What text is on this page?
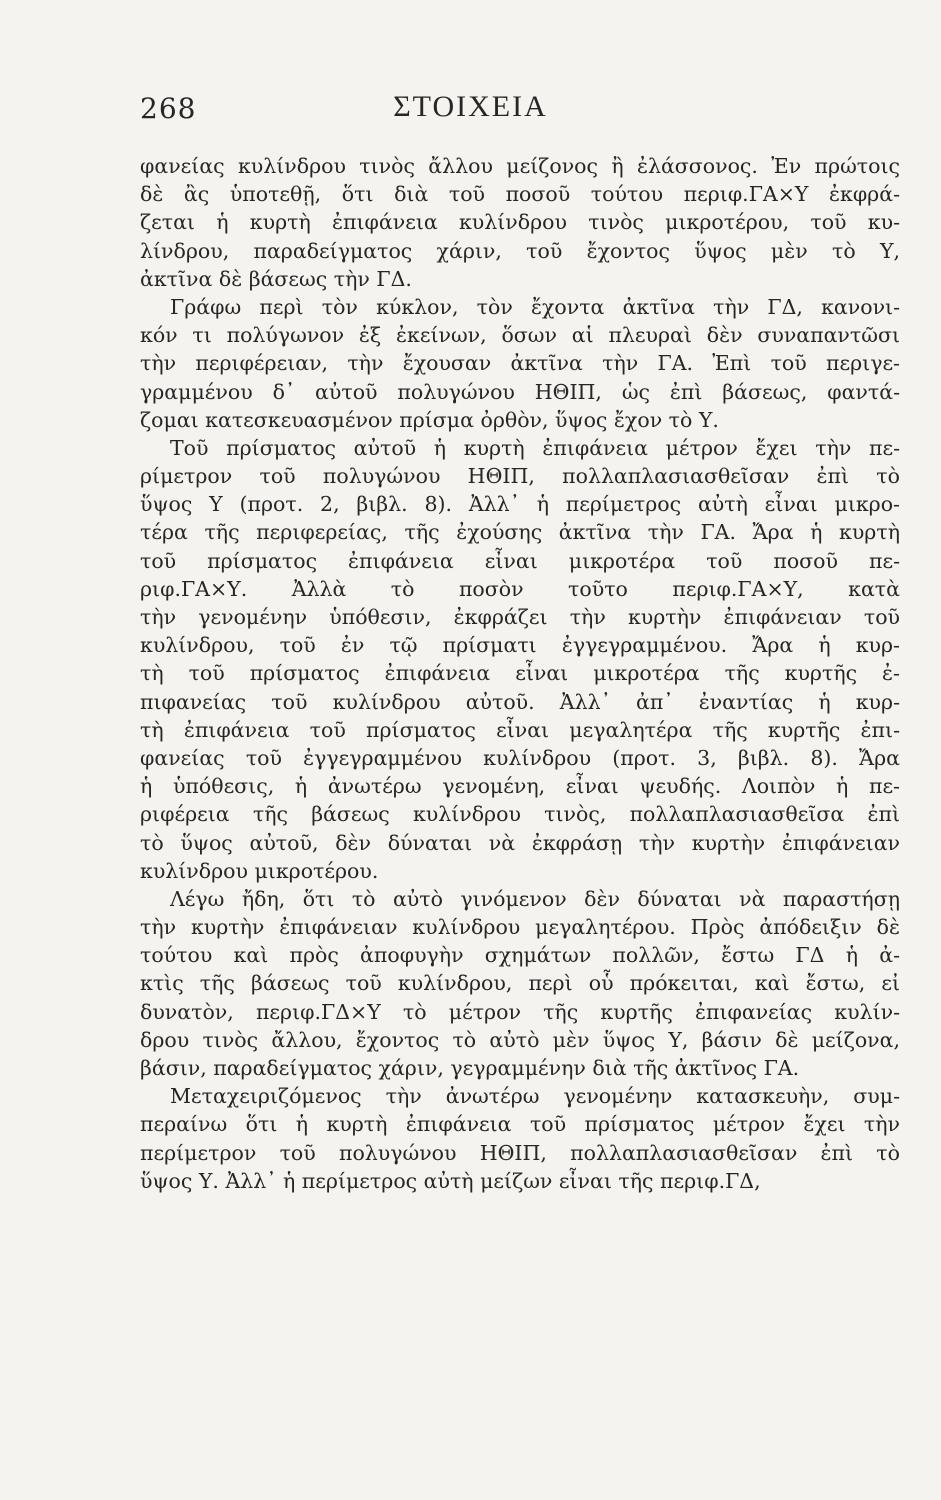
268	ΣΤΟΙΧΕΙΑ
φανείας κυλίνδρου τινὸς ἄλλου μείζονος ἢ ἐλάσσονος. Ἐν πρώτοις
δὲ ἂς ὑποτεθῇ, ὅτι διὰ τοῦ ποσοῦ τούτου περιφ.ΓΑ×Υ ἐκφρά-
ζεται ἡ κυρτὴ ἐπιφάνεια κυλίνδρου τινὸς μικροτέρου, τοῦ κυ-
λίνδρου, παραδείγματος χάριν, τοῦ ἔχοντος ὕψος μὲν τὸ Υ,
ἀκτῖνα δὲ βάσεως τὴν ΓΔ.
Γράφω περὶ τὸν κύκλον, τὸν ἔχοντα ἀκτῖνα τὴν ΓΔ, κανονι-
κόν τι πολύγωνον ἐξ ἐκείνων, ὅσων αἱ πλευραὶ δὲν συναπαντῶσι
τὴν περιφέρειαν, τὴν ἔχουσαν ἀκτῖνα τὴν ΓΑ. Ἐπὶ τοῦ περιγε-
γραμμένου δ᾽ αὐτοῦ πολυγώνου ΗΘΙΠ, ὡς ἐπὶ βάσεως, φαντά-
ζομαι κατεσκευασμένον πρίσμα ὀρθὸν, ὕψος ἔχον τὸ Υ.
Τοῦ πρίσματος αὐτοῦ ἡ κυρτὴ ἐπιφάνεια μέτρον ἔχει τὴν πε-
ρίμετρον τοῦ πολυγώνου ΗΘΙΠ, πολλαπλασιασθεῖσαν ἐπὶ τὸ
ὕψος Υ (προτ. 2, βιβλ. 8). Ἀλλ᾽ ἡ περίμετρος αὐτὴ εἶναι μικρο-
τέρα τῆς περιφερείας, τῆς ἐχούσης ἀκτῖνα τὴν ΓΑ. Ἄρα ἡ κυρτὴ
τοῦ πρίσματος ἐπιφάνεια εἶναι μικροτέρα τοῦ ποσοῦ πε-
ριφ.ΓΑ×Υ. Ἀλλὰ τὸ ποσὸν τοῦτο περιφ.ΓΑ×Υ, κατὰ
τὴν γενομένην ὑπόθεσιν, ἐκφράζει τὴν κυρτὴν ἐπιφάνειαν τοῦ
κυλίνδρου, τοῦ ἐν τῷ πρίσματι ἐγγεγραμμένου. Ἄρα ἡ κυρ-
τὴ τοῦ πρίσματος ἐπιφάνεια εἶναι μικροτέρα τῆς κυρτῆς ἐ-
πιφανείας τοῦ κυλίνδρου αὐτοῦ. Ἀλλ᾽ ἀπ᾽ ἐναντίας ἡ κυρ-
τὴ ἐπιφάνεια τοῦ πρίσματος εἶναι μεγαλητέρα τῆς κυρτῆς ἐπι-
φανείας τοῦ ἐγγεγραμμένου κυλίνδρου (προτ. 3, βιβλ. 8). Ἄρα
ἡ ὑπόθεσις, ἡ ἀνωτέρω γενομένη, εἶναι ψευδής. Λοιπὸν ἡ πε-
ριφέρεια τῆς βάσεως κυλίνδρου τινὸς, πολλαπλασιασθεῖσα ἐπὶ
τὸ ὕψος αὐτοῦ, δὲν δύναται νὰ ἐκφράσῃ τὴν κυρτὴν ἐπιφάνειαν
κυλίνδρου μικροτέρου.
Λέγω ἤδη, ὅτι τὸ αὐτὸ γινόμενον δὲν δύναται νὰ παραστήσῃ
τὴν κυρτὴν ἐπιφάνειαν κυλίνδρου μεγαλητέρου. Πρὸς ἀπόδειξιν δὲ
τούτου καὶ πρὸς ἀποφυγὴν σχημάτων πολλῶν, ἔστω ΓΔ ἡ ἀ-
κτὶς τῆς βάσεως τοῦ κυλίνδρου, περὶ οὗ πρόκειται, καὶ ἔστω, εἰ
δυνατὸν, περιφ.ΓΔ×Υ τὸ μέτρον τῆς κυρτῆς ἐπιφανείας κυλίν-
δρου τινὸς ἄλλου, ἔχοντος τὸ αὐτὸ μὲν ὕψος Υ, βάσιν δὲ μείζονα,
βάσιν, παραδείγματος χάριν, γεγραμμένην διὰ τῆς ἀκτῖνος ΓΑ.
Μεταχειριζόμενος τὴν ἀνωτέρω γενομένην κατασκευὴν, συμ-
περαίνω ὅτι ἡ κυρτὴ ἐπιφάνεια τοῦ πρίσματος μέτρον ἔχει τὴν
περίμετρον τοῦ πολυγώνου ΗΘΙΠ, πολλαπλασιασθεῖσαν ἐπὶ τὸ
ὕψος Υ. Ἀλλ᾽ ἡ περίμετρος αὐτὴ μείζων εἶναι τῆς περιφ.ΓΔ,
